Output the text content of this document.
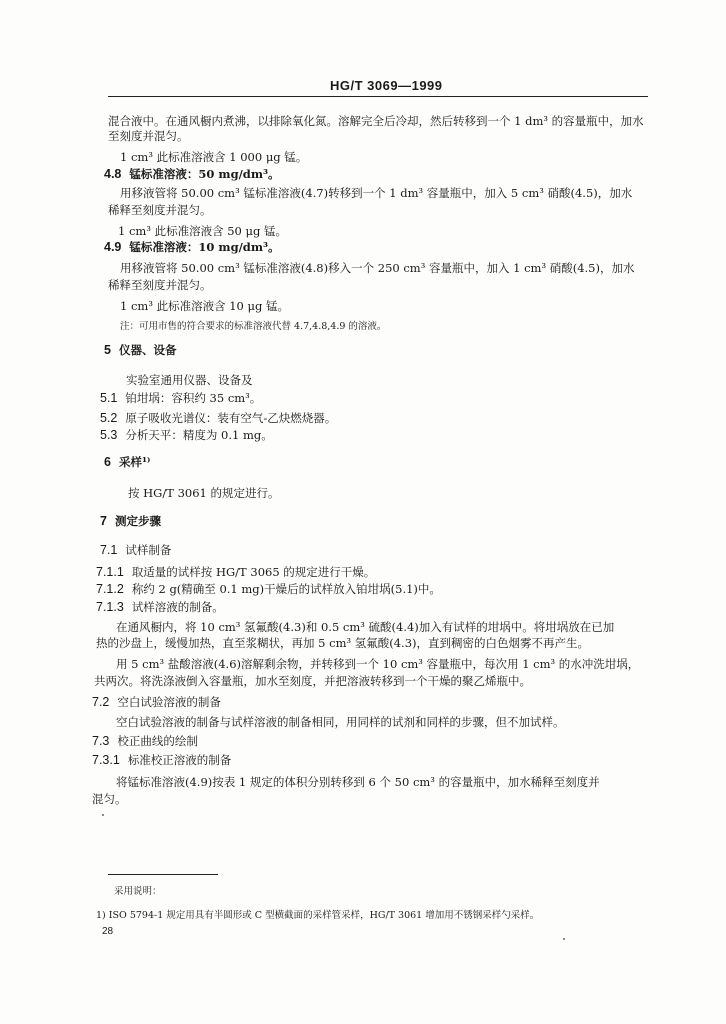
HG/T 3069—1999
混合液中。在通风橱内煮沸，以排除氧化氮。溶解完全后冷却，然后转移到一个 1 dm³ 的容量瓶中，加水
至刻度并混匀。
1 cm³ 此标准溶液含 1 000 μg 锰。
4.8 锰标准溶液：50 mg/dm³。
用移液管将 50.00 cm³ 锰标准溶液(4.7)转移到一个 1 dm³ 容量瓶中，加入 5 cm³ 硝酸(4.5)，加水
稀释至刻度并混匀。
1 cm³ 此标准溶液含 50 μg 锰。
4.9 锰标准溶液：10 mg/dm³。
用移液管将 50.00 cm³ 锰标准溶液(4.8)移入一个 250 cm³ 容量瓶中，加入 1 cm³ 硝酸(4.5)，加水
稀释至刻度并混匀。
1 cm³ 此标准溶液含 10 μg 锰。
注：可用市售的符合要求的标准溶液代替 4.7,4.8,4.9 的溶液。
5 仪器、设备
实验室通用仪器、设备及
5.1 铂坩埚：容积约 35 cm³。
5.2 原子吸收光谱仪：装有空气-乙炔燃烧器。
5.3 分析天平：精度为 0.1 mg。
6 采样¹⁾
按 HG/T 3061 的规定进行。
7 测定步骤
7.1 试样制备
7.1.1 取适量的试样按 HG/T 3065 的规定进行干燥。
7.1.2 称约 2 g(精确至 0.1 mg)干燥后的试样放入铂坩埚(5.1)中。
7.1.3 试样溶液的制备。
在通风橱内，将 10 cm³ 氢氟酸(4.3)和 0.5 cm³ 硫酸(4.4)加入有试样的坩埚中。将坩埚放在已加
热的沙盘上，缓慢加热，直至浆糊状，再加 5 cm³ 氢氟酸(4.3)，直到稠密的白色烟雾不再产生。
用 5 cm³ 盐酸溶液(4.6)溶解剩余物，并转移到一个 10 cm³ 容量瓶中，每次用 1 cm³ 的水冲洗坩埚，
共两次。将洗涤液倒入容量瓶，加水至刻度，并把溶液转移到一个干燥的聚乙烯瓶中。
7.2 空白试验溶液的制备
空白试验溶液的制备与试样溶液的制备相同，用同样的试剂和同样的步骤，但不加试样。
7.3 校正曲线的绘制
7.3.1 标准校正溶液的制备
将锰标准溶液(4.9)按表 1 规定的体积分别转移到 6 个 50 cm³ 的容量瓶中，加水稀释至刻度并
混匀。
采用说明：
1) ISO 5794-1 规定用具有半圆形或 C 型横截面的采样管采样，HG/T 3061 增加用不锈钢采样勺采样。
28
